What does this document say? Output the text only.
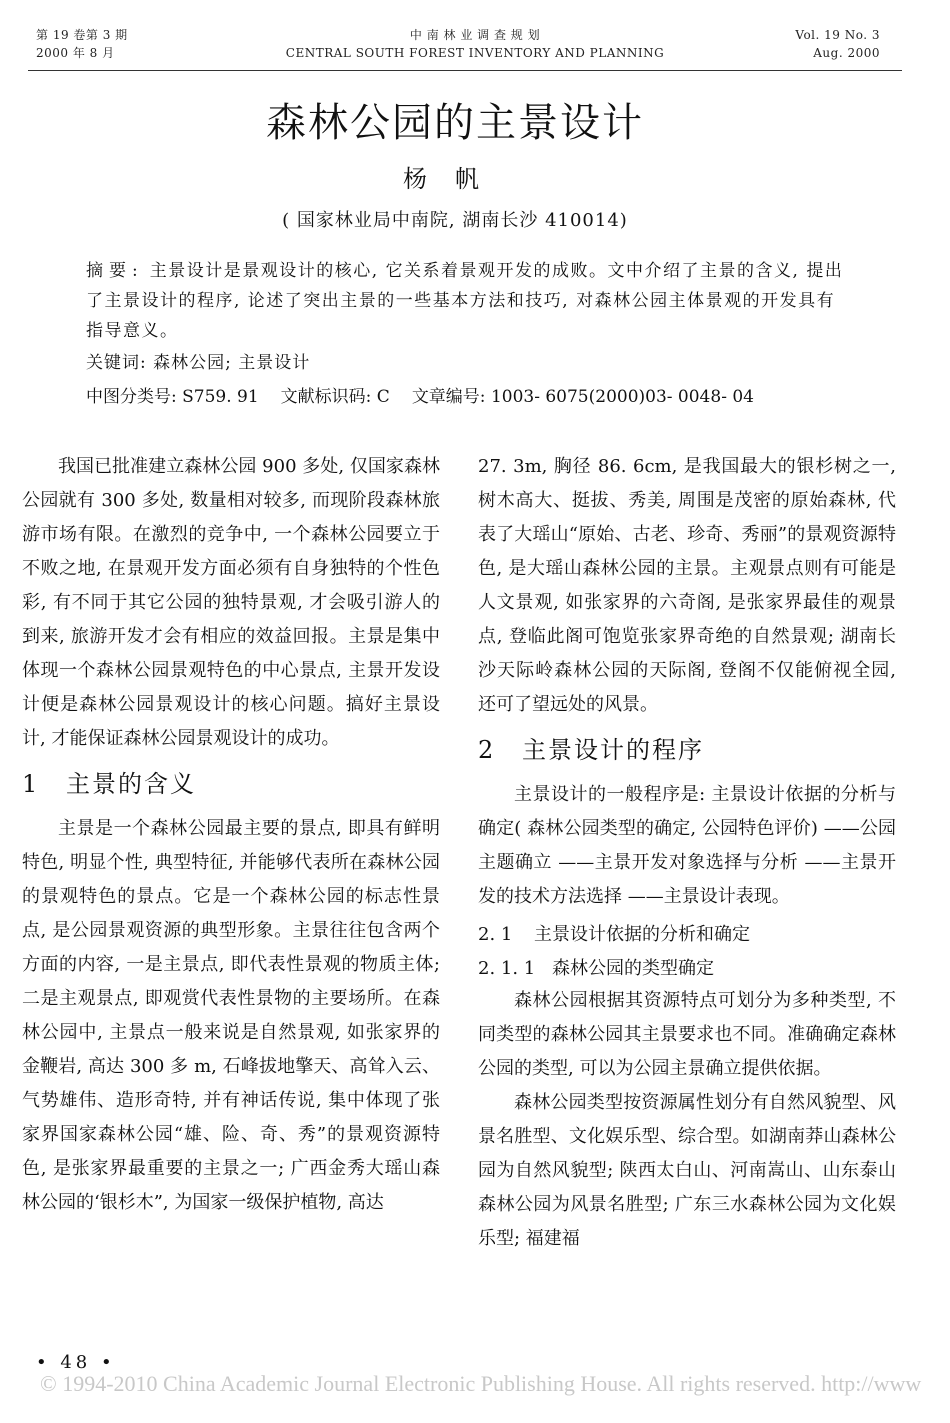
第 19 卷第 3 期
2000 年 8 月
中 南 林 业 调 查 规 划
CENTRAL SOUTH FOREST INVENTORY AND PLANNING
Vol. 19 No. 3
Aug. 2000
森林公园的主景设计
杨帆
( 国家林业局中南院, 湖南长沙 410014)

摘要: 主景设计是景观设计的核心, 它关系着景观开发的成败。文中介绍了主景的含义, 提出了主景设计的程序, 论述了突出主景的一些基本方法和技巧, 对森林公园主体景观的开发具有指导意义。

关键词: 森林公园; 主景设计

中图分类号: S759. 91 文献标识码: C 文章编号: 1003- 6075(2000)03- 0048- 04

我国已批准建立森林公园 900 多处, 仅国家森林公园就有 300 多处, 数量相对较多, 而现阶段森林旅游市场有限。在激烈的竞争中, 一个森林公园要立于不败之地, 在景观开发方面必须有自身独特的个性色彩, 有不同于其它公园的独特景观, 才会吸引游人的到来, 旅游开发才会有相应的效益回报。主景是集中体现一个森林公园景观特色的中心景点, 主景开发设计便是森林公园景观设计的核心问题。搞好主景设计, 才能保证森林公园景观设计的成功。

1 主景的含义

主景是一个森林公园最主要的景点, 即具有鲜明特色, 明显个性, 典型特征, 并能够代表所在森林公园的景观特色的景点。它是一个森林公园的标志性景点, 是公园景观资源的典型形象。主景往往包含两个方面的内容, 一是主景点, 即代表性景观的物质主体; 二是主观景点, 即观赏代表性景物的主要场所。在森林公园中, 主景点一般来说是自然景观, 如张家界的金鞭岩, 高达 300 多 m, 石峰拔地擎天、高耸入云、气势雄伟、造形奇特, 并有神话传说, 集中体现了张家界国家森林公园“雄、险、奇、秀”的景观资源特色, 是张家界最重要的主景之一; 广西金秀大瑶山森林公园的‘银杉木”, 为国家一级保护植物, 高达

27. 3m, 胸径 86. 6cm, 是我国最大的银杉树之一, 树木高大、挺拔、秀美, 周围是茂密的原始森林, 代表了大瑶山“原始、古老、珍奇、秀丽”的景观资源特色, 是大瑶山森林公园的主景。主观景点则有可能是人文景观, 如张家界的六奇阁, 是张家界最佳的观景点, 登临此阁可饱览张家界奇绝的自然景观; 湖南长沙天际岭森林公园的天际阁, 登阁不仅能俯视全园, 还可了望远处的风景。

2 主景设计的程序

主景设计的一般程序是: 主景设计依据的分析与确定( 森林公园类型的确定, 公园特色评价) ——公园主题确立 ——主景开发对象选择与分析 ——主景开发的技术方法选择 ——主景设计表现。

2. 1 主景设计依据的分析和确定

2. 1. 1 森林公园的类型确定

森林公园根据其资源特点可划分为多种类型, 不同类型的森林公园其主景要求也不同。准确确定森林公园的类型, 可以为公园主景确立提供依据。

森林公园类型按资源属性划分有自然风貌型、风景名胜型、文化娱乐型、综合型。如湖南莽山森林公园为自然风貌型; 陕西太白山、河南嵩山、山东泰山森林公园为风景名胜型; 广东三水森林公园为文化娱乐型; 福建福

• 48 •
© 1994-2010 China Academic Journal Electronic Publishing House. All rights reserved. http://www
